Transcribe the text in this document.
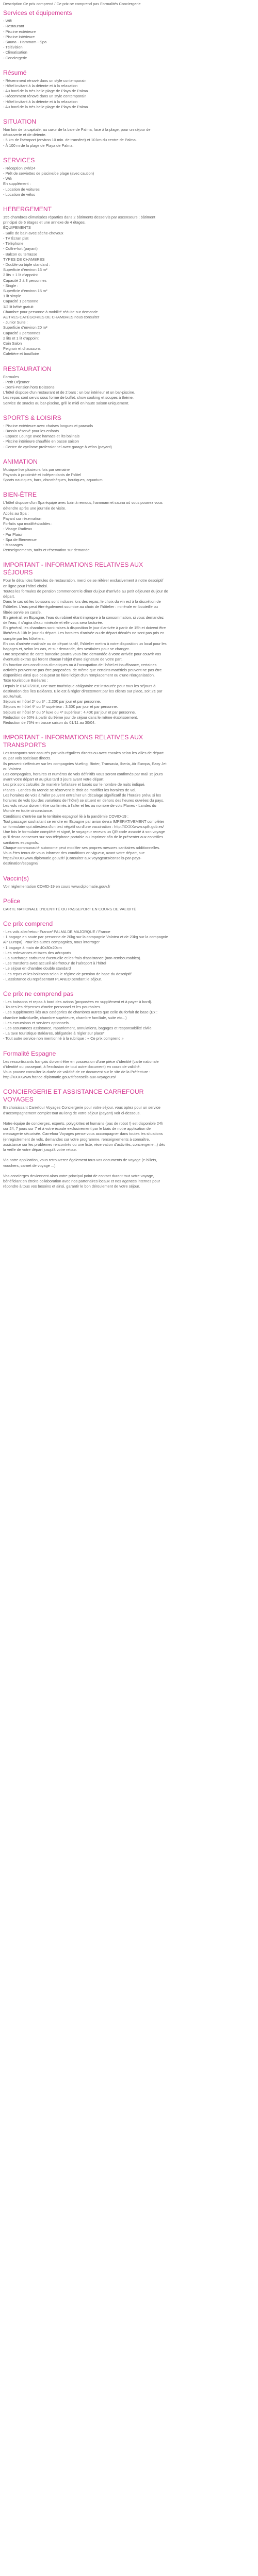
Description Ce prix comprend / Ce prix ne comprend pas Formalités Conciergerie
Services et équipements
- Wifi
- Restaurant
- Piscine extérieure
- Piscine intérieure
- Sauna - Hammam - Spa
- Télévision
- Climatisation
- Conciergerie
Résumé
- Récemment rénové dans un style contemporain
- Hôtel invitant à la détente et à la relaxation
- Au bord de la très belle plage de Playa de Palma
- Récemment rénové dans un style contemporain
- Hôtel invitant à la détente et à la relaxation
- Au bord de la très belle plage de Playa de Palma
SITUATION
Non loin de la capitale, au cœur de la baie de Palma, face à la plage, pour un séjour de découverte et de détente.
- 5 km de l'aéroport (environ 10 min. de transfert) et 10 km du centre de Palma.
- À 100 m de la plage de Playa de Palma.
SERVICES
- Réception 24h/24
- Prêt de serviettes de piscine/de plage (avec caution)
- Wifi
En supplément :
- Location de voitures
- Location de vélos
HEBERGEMENT
155 chambres climatisées réparties dans 2 bâtiments desservis par ascenseurs ; bâtiment principal de 6 étages et une annexe de 4 étages.
ÉQUIPEMENTS
- Salle de bain avec sèche-cheveux
- TV Écran plat
- Téléphone
- Coffre-fort (payant)
- Balcon ou terrasse
TYPES DE CHAMBRES
- Double ou triple standard :
Superficie d'environ 16 m²
2 lits + 1 lit d'appoint
Capacité 2 à 3 personnes
- Single :
Superficie d'environ 15 m²
1 lit simple
Capacité 1 personne
1/2 lit bébé gratuit
Chambre pour personne à mobilité réduite sur demande
AUTRES CATÉGORIES DE CHAMBRES nous consulter
- Junior Suite :
Superficie d'environ 20 m²
Capacité 3 personnes
2 lits et 1 lit d'appoint
Coin Salon
Peignoir et chaussons
Cafetière et bouilloire
RESTAURATION
Formules
- Petit Déjeuner
- Demi-Pension hors Boissons
L'hôtel dispose d'un restaurant et de 2 bars : un bar intérieur et un bar-piscine.
Les repas sont servis sous forme de buffet, show cooking et soupes à thème.
Service de snacks au bar-piscine, grill le midi en haute saison uniquement.
SPORTS & LOISIRS
- Piscine extérieure avec chaises longues et parasols
- Bassin réservé pour les enfants
- Espace Lounge avec hamacs et lits balinais
- Piscine intérieure chauffée en basse saison
- Centre de cyclisme professionnel avec garage à vélos (payant)
ANIMATION
Musique live plusieurs fois par semaine
Payants à proximité et indépendants de l'hôtel
Sports nautiques, bars, discothèques, boutiques, aquarium
BIEN-ÊTRE
L'hôtel dispose d'un Spa équipé avec bain à remous, hammam et sauna où vous pourrez vous détendre après une journée de visite.
Accès au Spa :
Payant sur réservation
Forfaits spa modifiés/soldes :
- Visage Radieux
- Pur Plaisir
- Spa de Bienvenue
- Massages
Renseignements, tarifs et réservation sur demande
IMPORTANT - INFORMATIONS RELATIVES AUX SÉJOURS
Pour le détail des formules de restauration, merci de se référer exclusivement à notre descriptif en ligne pour l'hôtel choisi.
Toutes les formules de pension commencent le dîner du jour d'arrivée au petit déjeuner du jour de départ.
Dans le cas où les boissons sont incluses lors des repas, le choix du vin est à la discrétion de l'hôtelier. L'eau peut être également soumise au choix de l'hôtelier : minérale en bouteille ou filtrée servie en carafe.
En général, en Espagne, l'eau du robinet étant impropre à la consommation, si vous demandez de l'eau, il s'agira d'eau minérale et elle vous sera facturée.
En général, les chambres sont mises à disposition le jour d'arrivée à partir de 15h et doivent être libérées à 10h le jour du départ. Les horaires d'arrivée ou de départ décalés ne sont pas pris en compte par les hôteliers.
En cas d'arrivée matinale ou de départ tardif, l'hôtelier mettra à votre disposition un local pour les bagages et, selon les cas, et sur demande, des vestiaires pour se changer.
Une serpentine de carte bancaire pourra vous être demandée à votre arrivée pour couvrir vos éventuels extras qui feront chacun l'objet d'une signature de votre part.
En fonction des conditions climatiques ou à l'occupation de l'hôtel et insuffisance, certaines activités peuvent ne pas être proposées, de même que certains matériels peuvent ne pas être disponibles ainsi que cela peut se faire l'objet d'un remplacement ou d'une réorganisation.
Taxe touristique Baléares :
Depuis le 01/07/2016, une taxe touristique obligatoire est instaurée pour tous les séjours à destination des îles Baléares. Elle est à régler directement par les clients sur place, soit 2€ par adulte/nuit.
Séjours en hôtel 2* ou 3* : 2.20€ par jour et par personne.
Séjours en hôtel 4* ou 3* supérieur : 3.30€ par jour et par personne.
Séjours en hôtel 5* ou 5* luxe ou 4* supérieur : 4.40€ par jour et par personne.
Réduction de 50% à partir du 9ème jour de séjour dans le même établissement.
Réduction de 75% en basse saison du 01/11 au 30/04.
IMPORTANT - INFORMATIONS RELATIVES AUX TRANSPORTS
Les transports sont assurés par vols réguliers directs ou avec escales selon les villes de départ ou par vols spéciaux directs.
Ils peuvent s'effectuer sur les compagnies Vueling, Binter, Transavia, Iberia, Air Europa, Easy Jet ou Volotea.
Les compagnies, horaires et numéros de vols définitifs vous seront confirmés par mail 15 jours avant votre départ et au plus tard 3 jours avant votre départ.
Les prix sont calculés de manière forfaitaire et basés sur le nombre de nuits indiqué.
Planes - Landes du Monde se réservent le droit de modifier les horaires de vol.
Les horaires de vols à l'aller peuvent entraîner un décalage significatif de l'horaire prévu si les horaires de vols (ou des variations de l'hôtel) se situent en dehors des heures ouvrées du pays.
Les vols retour doivent être confirmés à l'aller et les ou nombre de vols Planes - Landes du Monde en toute circonstance.
Conditions d'entrée sur le territoire espagnol lié à la pandémie COVID-19 :
Tout passager souhaitant se rendre en Espagne par avion devra IMPÉRATIVEMENT compléter un formulaire qui attestera d'un test négatif ou d'une vaccination : http://XXXXwww.spth.gob.es/
Une fois le formulaire complété et signé, le voyageur recevra un QR code associé à son voyage qu'il devra conserver sur son téléphone portable ou imprimer afin de le présenter aux contrôles sanitaires espagnols.
Chaque communauté autonome peut modifier ses propres mesures sanitaires additionnelles.
Vous êtes tenus de vous informer des conditions en vigueur, avant votre départ, sur: https://XXXXwww.diplomatie.gouv.fr/ (Consulter aux voyageurs/conseils-par-pays-destination/espagne/
Vaccin(s)
Voir réglementation COVID-19 en cours www.diplomatie.gouv.fr
Police
CARTE NATIONALE D'IDENTITÉ OU PASSEPORT EN COURS DE VALIDITÉ
Ce prix comprend
- Les vols aller/retour France/ PALMA DE MAJORQUE / France
- 1 bagage en soute par personne de 20kg sur la compagnie Volotea et de 23kg sur la compagnie Air Europa). Pour les autres compagnies, nous interroger
- 1 bagage à main de 40x30x20cm
- Les redevances et taxes des aéroports
- La surcharge carburant éventuelle et les frais d'assistance (non-remboursables).
- Les transferts avec accueil aller/retour de l'aéroport à l'hôtel
- Le séjour en chambre double standard
- Les repas et les boissons selon le régime de pension de base du descriptif.
- L'assistance du représentant PLANEO pendant le séjour.
Ce prix ne comprend pas
- Les boissons et repas à bord des avions (proposées en supplément et à payer à bord).
- Toutes les dépenses d'ordre personnel et les pourboires.
- Les suppléments liés aux catégories de chambres autres que celle du forfait de base (Ex : chambre individuelle, chambre supérieure, chambre familiale, suite etc...)
- Les excursions et services optionnels.
- Les assurances assistance, rapatriement, annulations, bagages et responsabilité civile.
- La taxe touristique Baléares, obligatoire à régler sur place*.
- Tout autre service non mentionné à la rubrique : « Ce prix comprend »
Formalité Espagne
Les ressortissants français doivent être en possession d'une pièce d'identité (carte nationale d'identité ou passeport, à l'exclusion de tout autre document) en cours de validité.
Vous pouvez consulter la durée de validité de ce document sur le site de la Préfecture : http://XXXXwww.france-diplomatie.gouv.fr/conseils-aux-voyageurs/
CONCIERGERIE ET ASSISTANCE CARREFOUR VOYAGES
En choisissant Carrefour Voyages Conciergerie pour votre séjour, vous optez pour un service d'accompagnement complet tout au long de votre séjour (payant) voir ci-dessous.
Notre équipe de concierges, experts, polyglottes et humains (pas de robot !) est disponible 24h sur 24, 7 jours sur 7 et à votre écoute exclusivement par le biais de notre application de messagerie sécurisée. Carrefour Voyages pense vous accompagner dans toutes les situations (enregistrement de vols, demandes sur votre programme, renseignements à connaître, assistance sur les problèmes rencontrés ou une liste, réservation d'activités, conciergerie...) dès la veille de votre départ jusqu'à votre retour.
Via notre application, vous retrouverez également tous vos documents de voyage (e-billets, vouchers, carnet de voyage ...).
Vos concierges deviennent alors votre principal point de contact durant tout votre voyage, bénéficiant en étroite collaboration avec nos partenaires locaux et nos agences internes pour répondre à tous vos besoins et ainsi, garantir le bon déroulement de votre séjour.
